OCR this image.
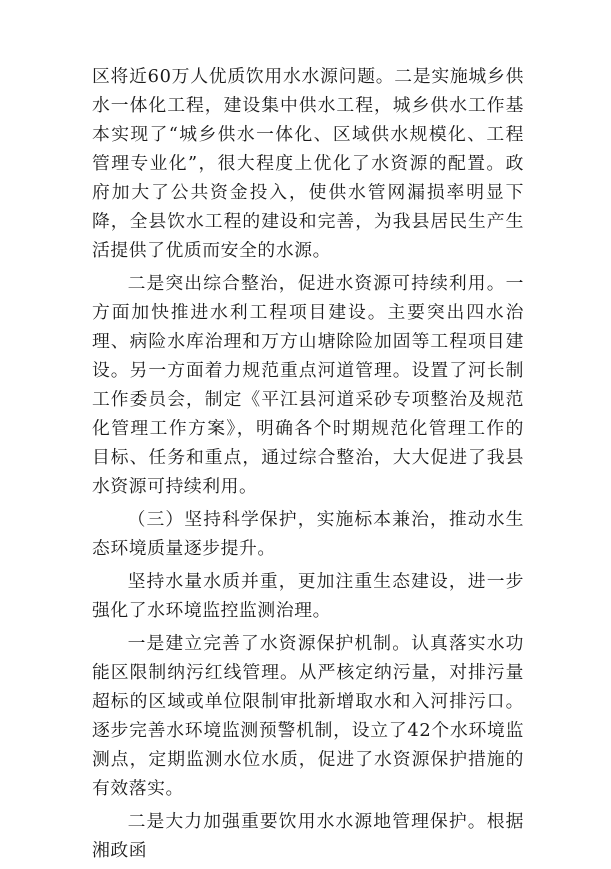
区将近60万人优质饮用水水源问题。二是实施城乡供水一体化工程，建设集中供水工程，城乡供水工作基本实现了“城乡供水一体化、区域供水规模化、工程管理专业化”，很大程度上优化了水资源的配置。政府加大了公共资金投入，使供水管网漏损率明显下降，全县饮水工程的建设和完善，为我县居民生产生活提供了优质而安全的水源。

二是突出综合整治，促进水资源可持续利用。一方面加快推进水利工程项目建设。主要突出四水治理、病险水库治理和万方山塘除险加固等工程项目建设。另一方面着力规范重点河道管理。设置了河长制工作委员会，制定《平江县河道采砂专项整治及规范化管理工作方案》，明确各个时期规范化管理工作的目标、任务和重点，通过综合整治，大大促进了我县水资源可持续利用。

（三）坚持科学保护，实施标本兼治，推动水生态环境质量逐步提升。

坚持水量水质并重，更加注重生态建设，进一步强化了水环境监控监测治理。

一是建立完善了水资源保护机制。认真落实水功能区限制纳污红线管理。从严核定纳污量，对排污量超标的区域或单位限制审批新增取水和入河排污口。逐步完善水环境监测预警机制，设立了42个水环境监测点，定期监测水位水质，促进了水资源保护措施的有效落实。

二是大力加强重要饮用水水源地管理保护。根据湘政函
